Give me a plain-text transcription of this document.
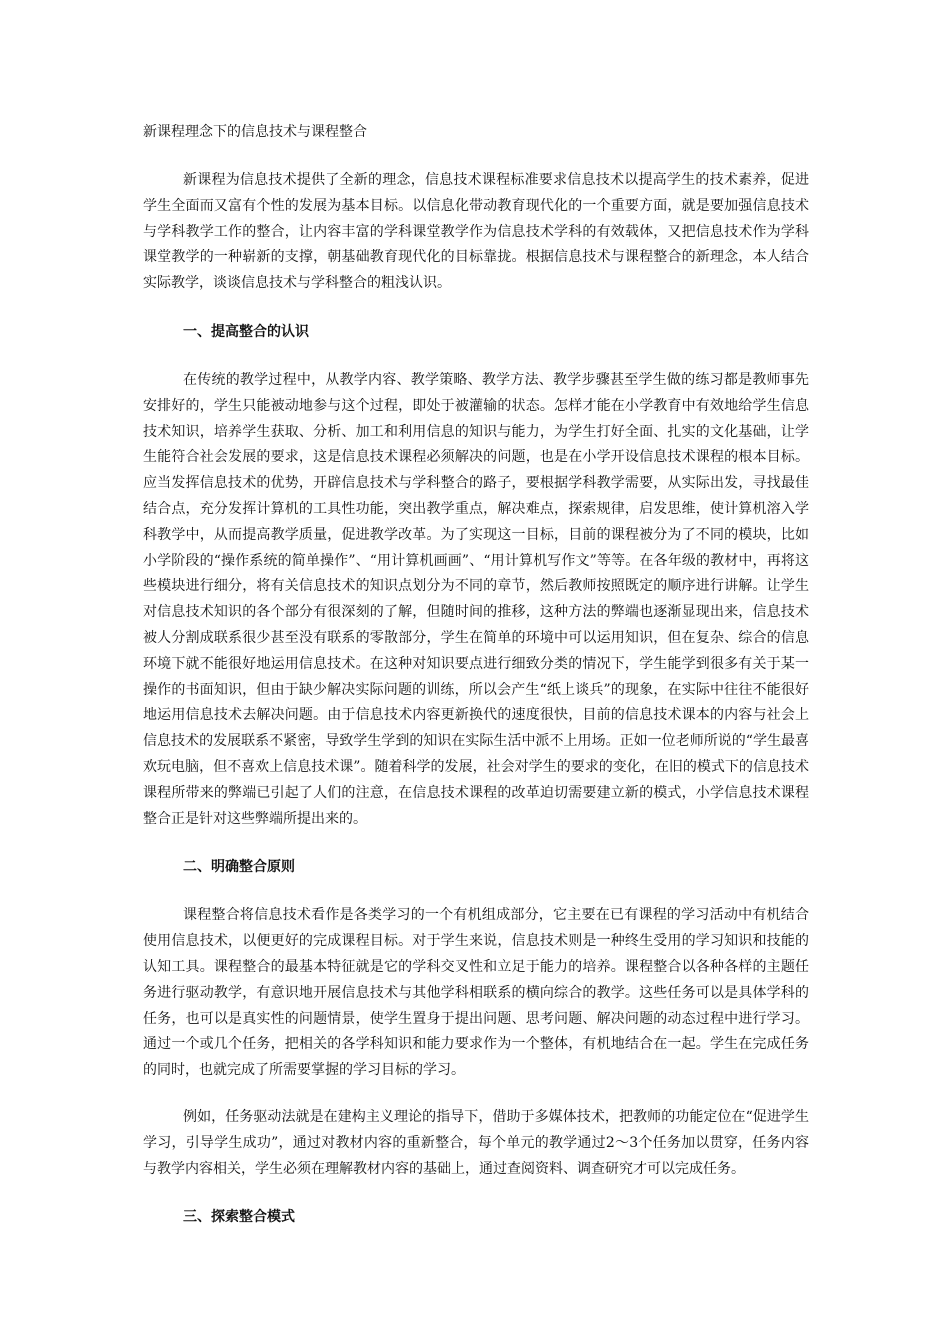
新课程理念下的信息技术与课程整合

新课程为信息技术提供了全新的理念，信息技术课程标准要求信息技术以提高学生的技术素养，促进学生全面而又富有个性的发展为基本目标。以信息化带动教育现代化的一个重要方面，就是要加强信息技术与学科教学工作的整合，让内容丰富的学科课堂教学作为信息技术学科的有效载体，又把信息技术作为学科课堂教学的一种崭新的支撑，朝基础教育现代化的目标靠拢。根据信息技术与课程整合的新理念，本人结合实际教学，谈谈信息技术与学科整合的粗浅认识。

一、提高整合的认识

在传统的教学过程中，从教学内容、教学策略、教学方法、教学步骤甚至学生做的练习都是教师事先安排好的，学生只能被动地参与这个过程，即处于被灌输的状态。怎样才能在小学教育中有效地给学生信息技术知识，培养学生获取、分析、加工和利用信息的知识与能力，为学生打好全面、扎实的文化基础，让学生能符合社会发展的要求，这是信息技术课程必须解决的问题，也是在小学开设信息技术课程的根本目标。应当发挥信息技术的优势，开辟信息技术与学科整合的路子，要根据学科教学需要，从实际出发，寻找最佳结合点，充分发挥计算机的工具性功能，突出教学重点，解决难点，探索规律，启发思维，使计算机溶入学科教学中，从而提高教学质量，促进教学改革。为了实现这一目标，目前的课程被分为了不同的模块，比如小学阶段的“操作系统的简单操作”、“用计算机画画”、“用计算机写作文”等等。在各年级的教材中，再将这些模块进行细分，将有关信息技术的知识点划分为不同的章节，然后教师按照既定的顺序进行讲解。让学生对信息技术知识的各个部分有很深刻的了解，但随时间的推移，这种方法的弊端也逐渐显现出来，信息技术被人分割成联系很少甚至没有联系的零散部分，学生在简单的环境中可以运用知识，但在复杂、综合的信息环境下就不能很好地运用信息技术。在这种对知识要点进行细致分类的情况下，学生能学到很多有关于某一操作的书面知识，但由于缺少解决实际问题的训练，所以会产生“纸上谈兵”的现象，在实际中往往不能很好地运用信息技术去解决问题。由于信息技术内容更新换代的速度很快，目前的信息技术课本的内容与社会上信息技术的发展联系不紧密，导致学生学到的知识在实际生活中派不上用场。正如一位老师所说的“学生最喜欢玩电脑，但不喜欢上信息技术课”。随着科学的发展，社会对学生的要求的变化，在旧的模式下的信息技术课程所带来的弊端已引起了人们的注意，在信息技术课程的改革迫切需要建立新的模式，小学信息技术课程整合正是针对这些弊端所提出来的。

二、明确整合原则

课程整合将信息技术看作是各类学习的一个有机组成部分，它主要在已有课程的学习活动中有机结合使用信息技术，以便更好的完成课程目标。对于学生来说，信息技术则是一种终生受用的学习知识和技能的认知工具。课程整合的最基本特征就是它的学科交叉性和立足于能力的培养。课程整合以各种各样的主题任务进行驱动教学，有意识地开展信息技术与其他学科相联系的横向综合的教学。这些任务可以是具体学科的任务，也可以是真实性的问题情景，使学生置身于提出问题、思考问题、解决问题的动态过程中进行学习。通过一个或几个任务，把相关的各学科知识和能力要求作为一个整体，有机地结合在一起。学生在完成任务的同时，也就完成了所需要掌握的学习目标的学习。

例如，任务驱动法就是在建构主义理论的指导下，借助于多媒体技术，把教师的功能定位在“促进学生学习，引导学生成功”，通过对教材内容的重新整合，每个单元的教学通过2～3个任务加以贯穿，任务内容与教学内容相关，学生必须在理解教材内容的基础上，通过查阅资料、调查研究才可以完成任务。

三、探索整合模式
